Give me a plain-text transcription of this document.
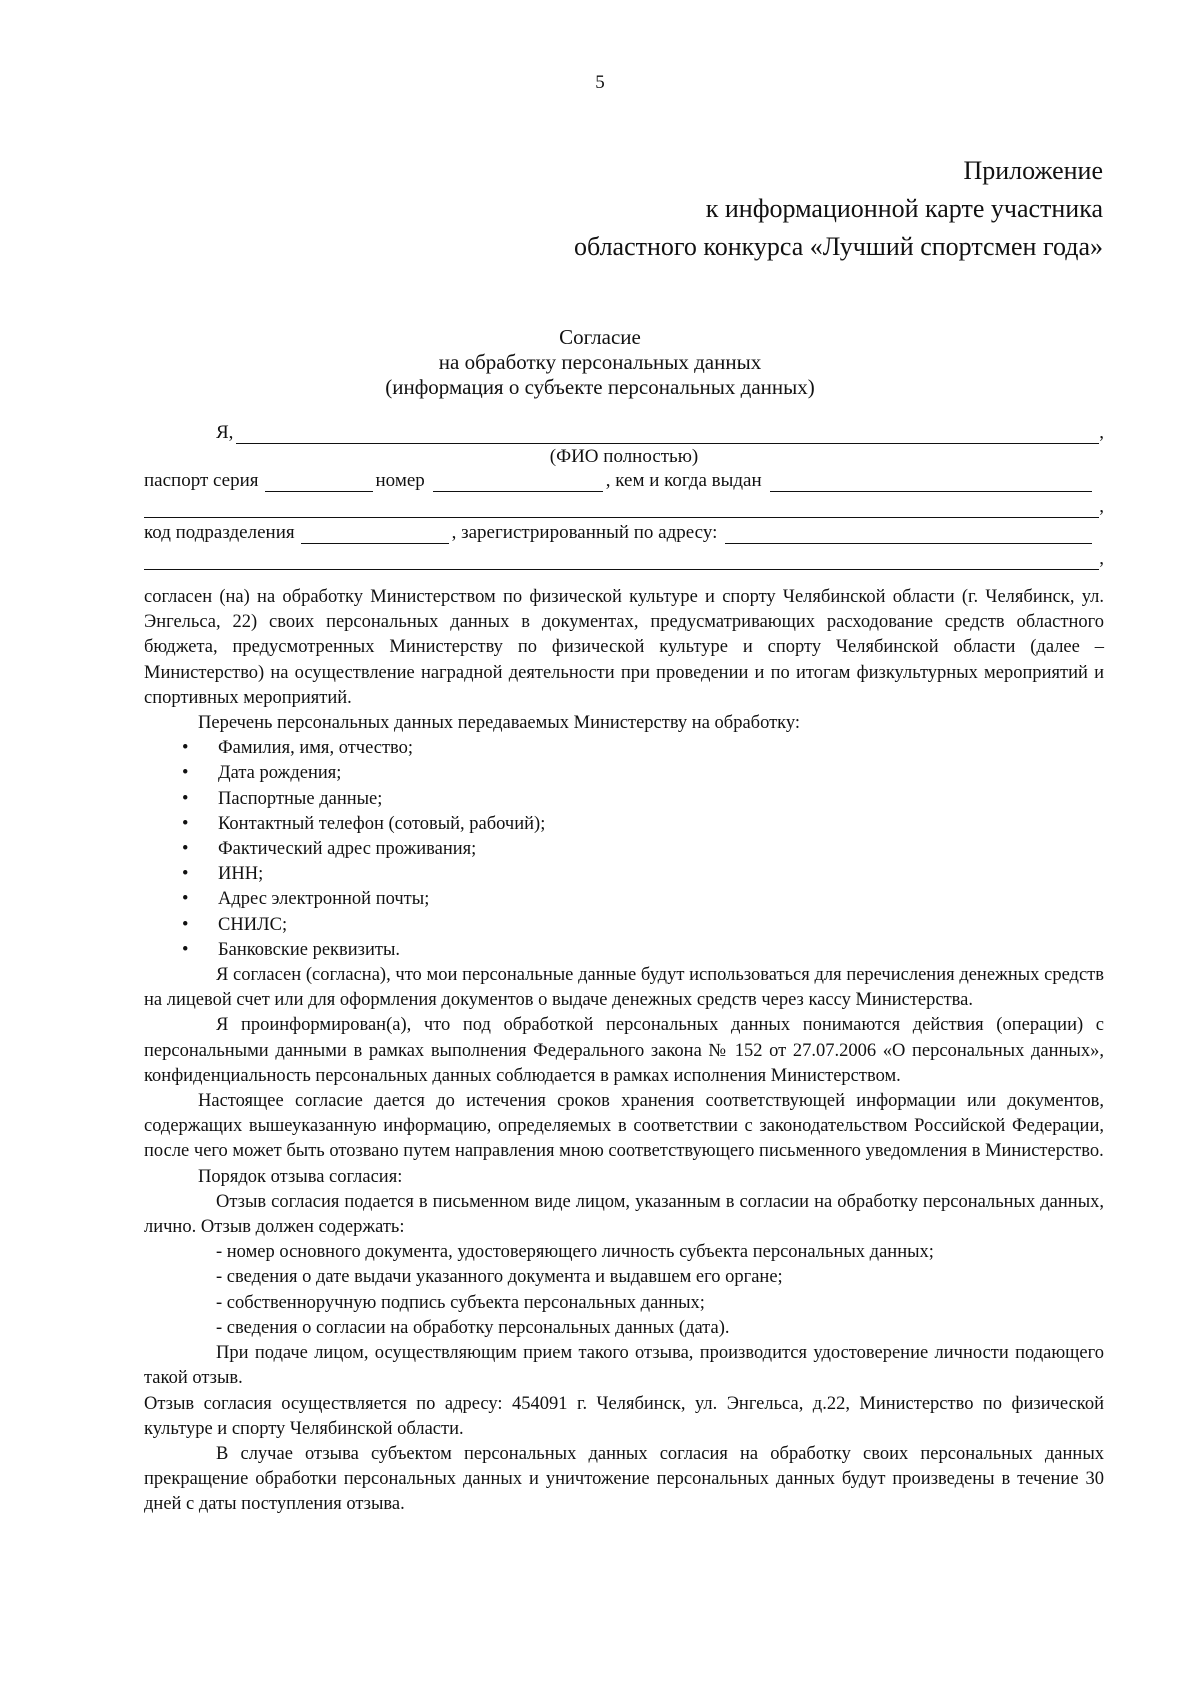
5
Приложение
к информационной карте участника
областного конкурса «Лучший спортсмен года»
Согласие
на обработку персональных данных
(информация о субъекте персональных данных)
Я,	,
(ФИО полностью)
паспорт серия	номер	, кем и когда выдан
,
код подразделения	, зарегистрированный по адресу:
,

согласен (на) на обработку Министерством по физической культуре и спорту Челябинской области (г. Челябинск, ул. Энгельса, 22) своих персональных данных в документах, предусматривающих расходование средств областного бюджета, предусмотренных Министерству по физической культуре и спорту Челябинской области (далее – Министерство) на осуществление наградной деятельности при проведении и по итогам физкультурных мероприятий и спортивных мероприятий.

Перечень персональных данных передаваемых Министерству на обработку:

• Фамилия, имя, отчество;
• Дата рождения;
• Паспортные данные;
• Контактный телефон (сотовый, рабочий);
• Фактический адрес проживания;
• ИНН;
• Адрес электронной почты;
• СНИЛС;
• Банковские реквизиты.

Я согласен (согласна), что мои персональные данные будут использоваться для перечисления денежных средств на лицевой счет или для оформления документов о выдаче денежных средств через кассу Министерства.

Я проинформирован(а), что под обработкой персональных данных понимаются действия (операции) с персональными данными в рамках выполнения Федерального закона № 152 от 27.07.2006 «О персональных данных», конфиденциальность персональных данных соблюдается в рамках исполнения Министерством.

Настоящее согласие дается до истечения сроков хранения соответствующей информации или документов, содержащих вышеуказанную информацию, определяемых в соответствии с законодательством Российской Федерации, после чего может быть отозвано путем направления мною соответствующего письменного уведомления в Министерство.

Порядок отзыва согласия:

Отзыв согласия подается в письменном виде лицом, указанным в согласии на обработку персональных данных, лично. Отзыв должен содержать:

- номер основного документа, удостоверяющего личность субъекта персональных данных;
- сведения о дате выдачи указанного документа и выдавшем его органе;
- собственноручную подпись субъекта персональных данных;
- сведения о согласии на обработку персональных данных (дата).

При подаче лицом, осуществляющим прием такого отзыва, производится удостоверение личности подающего такой отзыв.

Отзыв согласия осуществляется по адресу: 454091 г. Челябинск, ул. Энгельса, д.22, Министерство по физической культуре и спорту Челябинской области.

В случае отзыва субъектом персональных данных согласия на обработку своих персональных данных прекращение обработки персональных данных и уничтожение персональных данных будут произведены в течение 30 дней с даты поступления отзыва.
